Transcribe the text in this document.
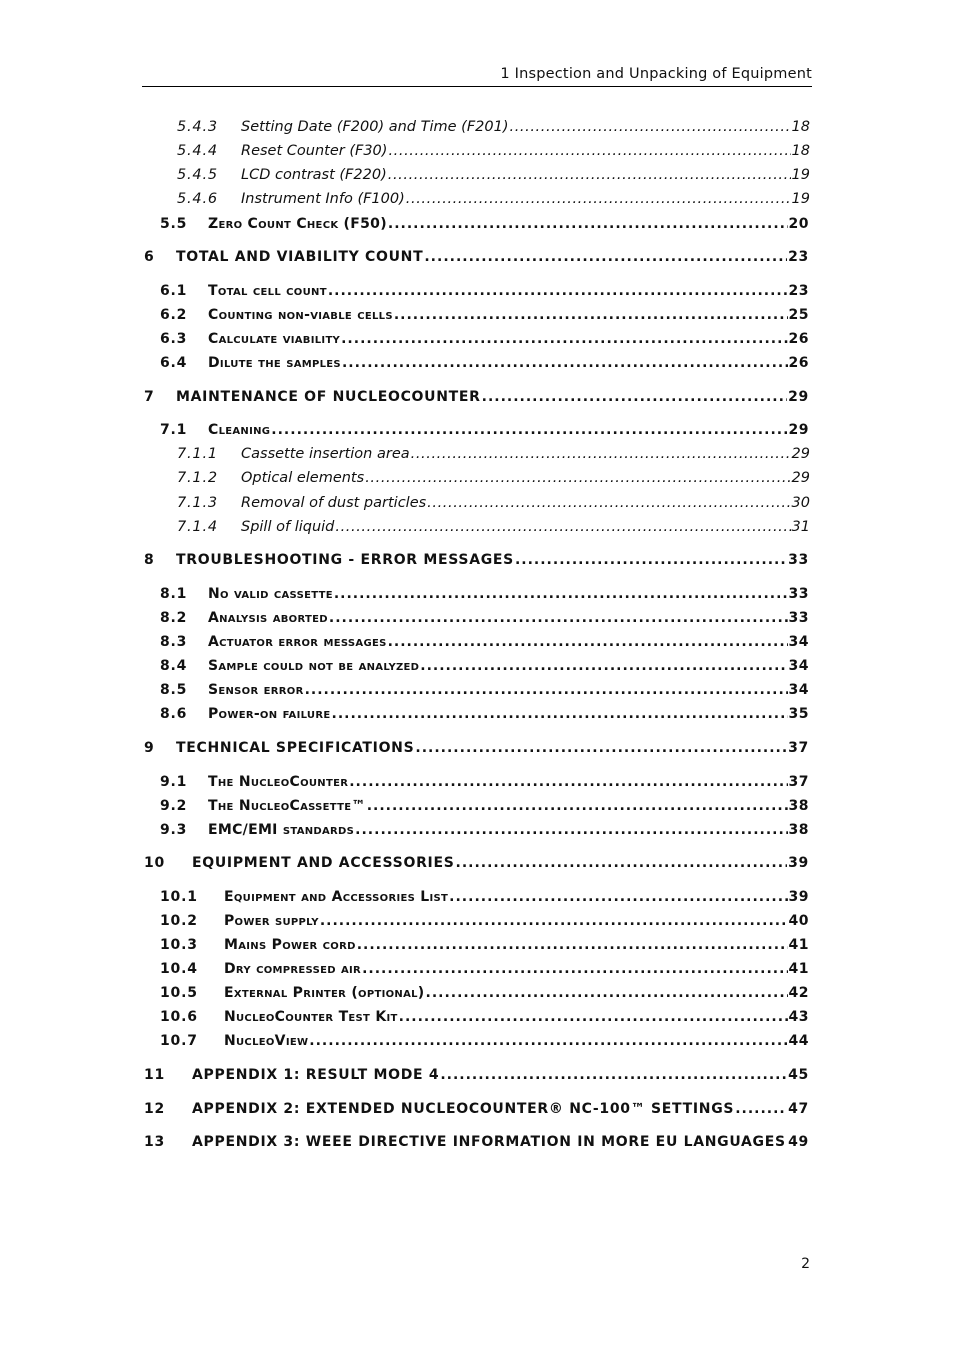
1 Inspection and Unpacking of Equipment
5.4.3 Setting Date (F200) and Time (F201) .....	18
5.4.4 Reset Counter (F30) .....	18
5.4.5 LCD contrast (F220) .....	19
5.4.6 Instrument Info (F100) .....	19
5.5 Zero Count Check (F50) .....	20
6 TOTAL AND VIABILITY COUNT .....	23
6.1 Total cell count .....	23
6.2 Counting non-viable cells .....	25
6.3 Calculate viability .....	26
6.4 Dilute the samples .....	26
7 MAINTENANCE OF NUCLEOCOUNTER .....	29
7.1 Cleaning .....	29
7.1.1 Cassette insertion area .....	29
7.1.2 Optical elements .....	29
7.1.3 Removal of dust particles .....	30
7.1.4 Spill of liquid .....	31
8 TROUBLESHOOTING - ERROR MESSAGES .....	33
8.1 No valid cassette .....	33
8.2 Analysis aborted .....	33
8.3 Actuator error messages .....	34
8.4 Sample could not be analyzed .....	34
8.5 Sensor error .....	34
8.6 Power-on failure .....	35
9 TECHNICAL SPECIFICATIONS .....	37
9.1 The NucleoCounter .....	37
9.2 The NucleoCassette™ .....	38
9.3 EMC/EMI standards .....	38
10 EQUIPMENT AND ACCESSORIES .....	39
10.1 Equipment and Accessories List .....	39
10.2 Power supply .....	40
10.3 Mains Power cord .....	41
10.4 Dry compressed air .....	41
10.5 External Printer (optional) .....	42
10.6 NucleoCounter Test Kit .....	43
10.7 NucleoView .....	44
11 APPENDIX 1: RESULT MODE 4 .....	45
12 APPENDIX 2: EXTENDED NUCLEOCOUNTER® NC-100™ SETTINGS .....	47
13 APPENDIX 3: WEEE DIRECTIVE INFORMATION IN MORE EU LANGUAGES ..... 49
2
